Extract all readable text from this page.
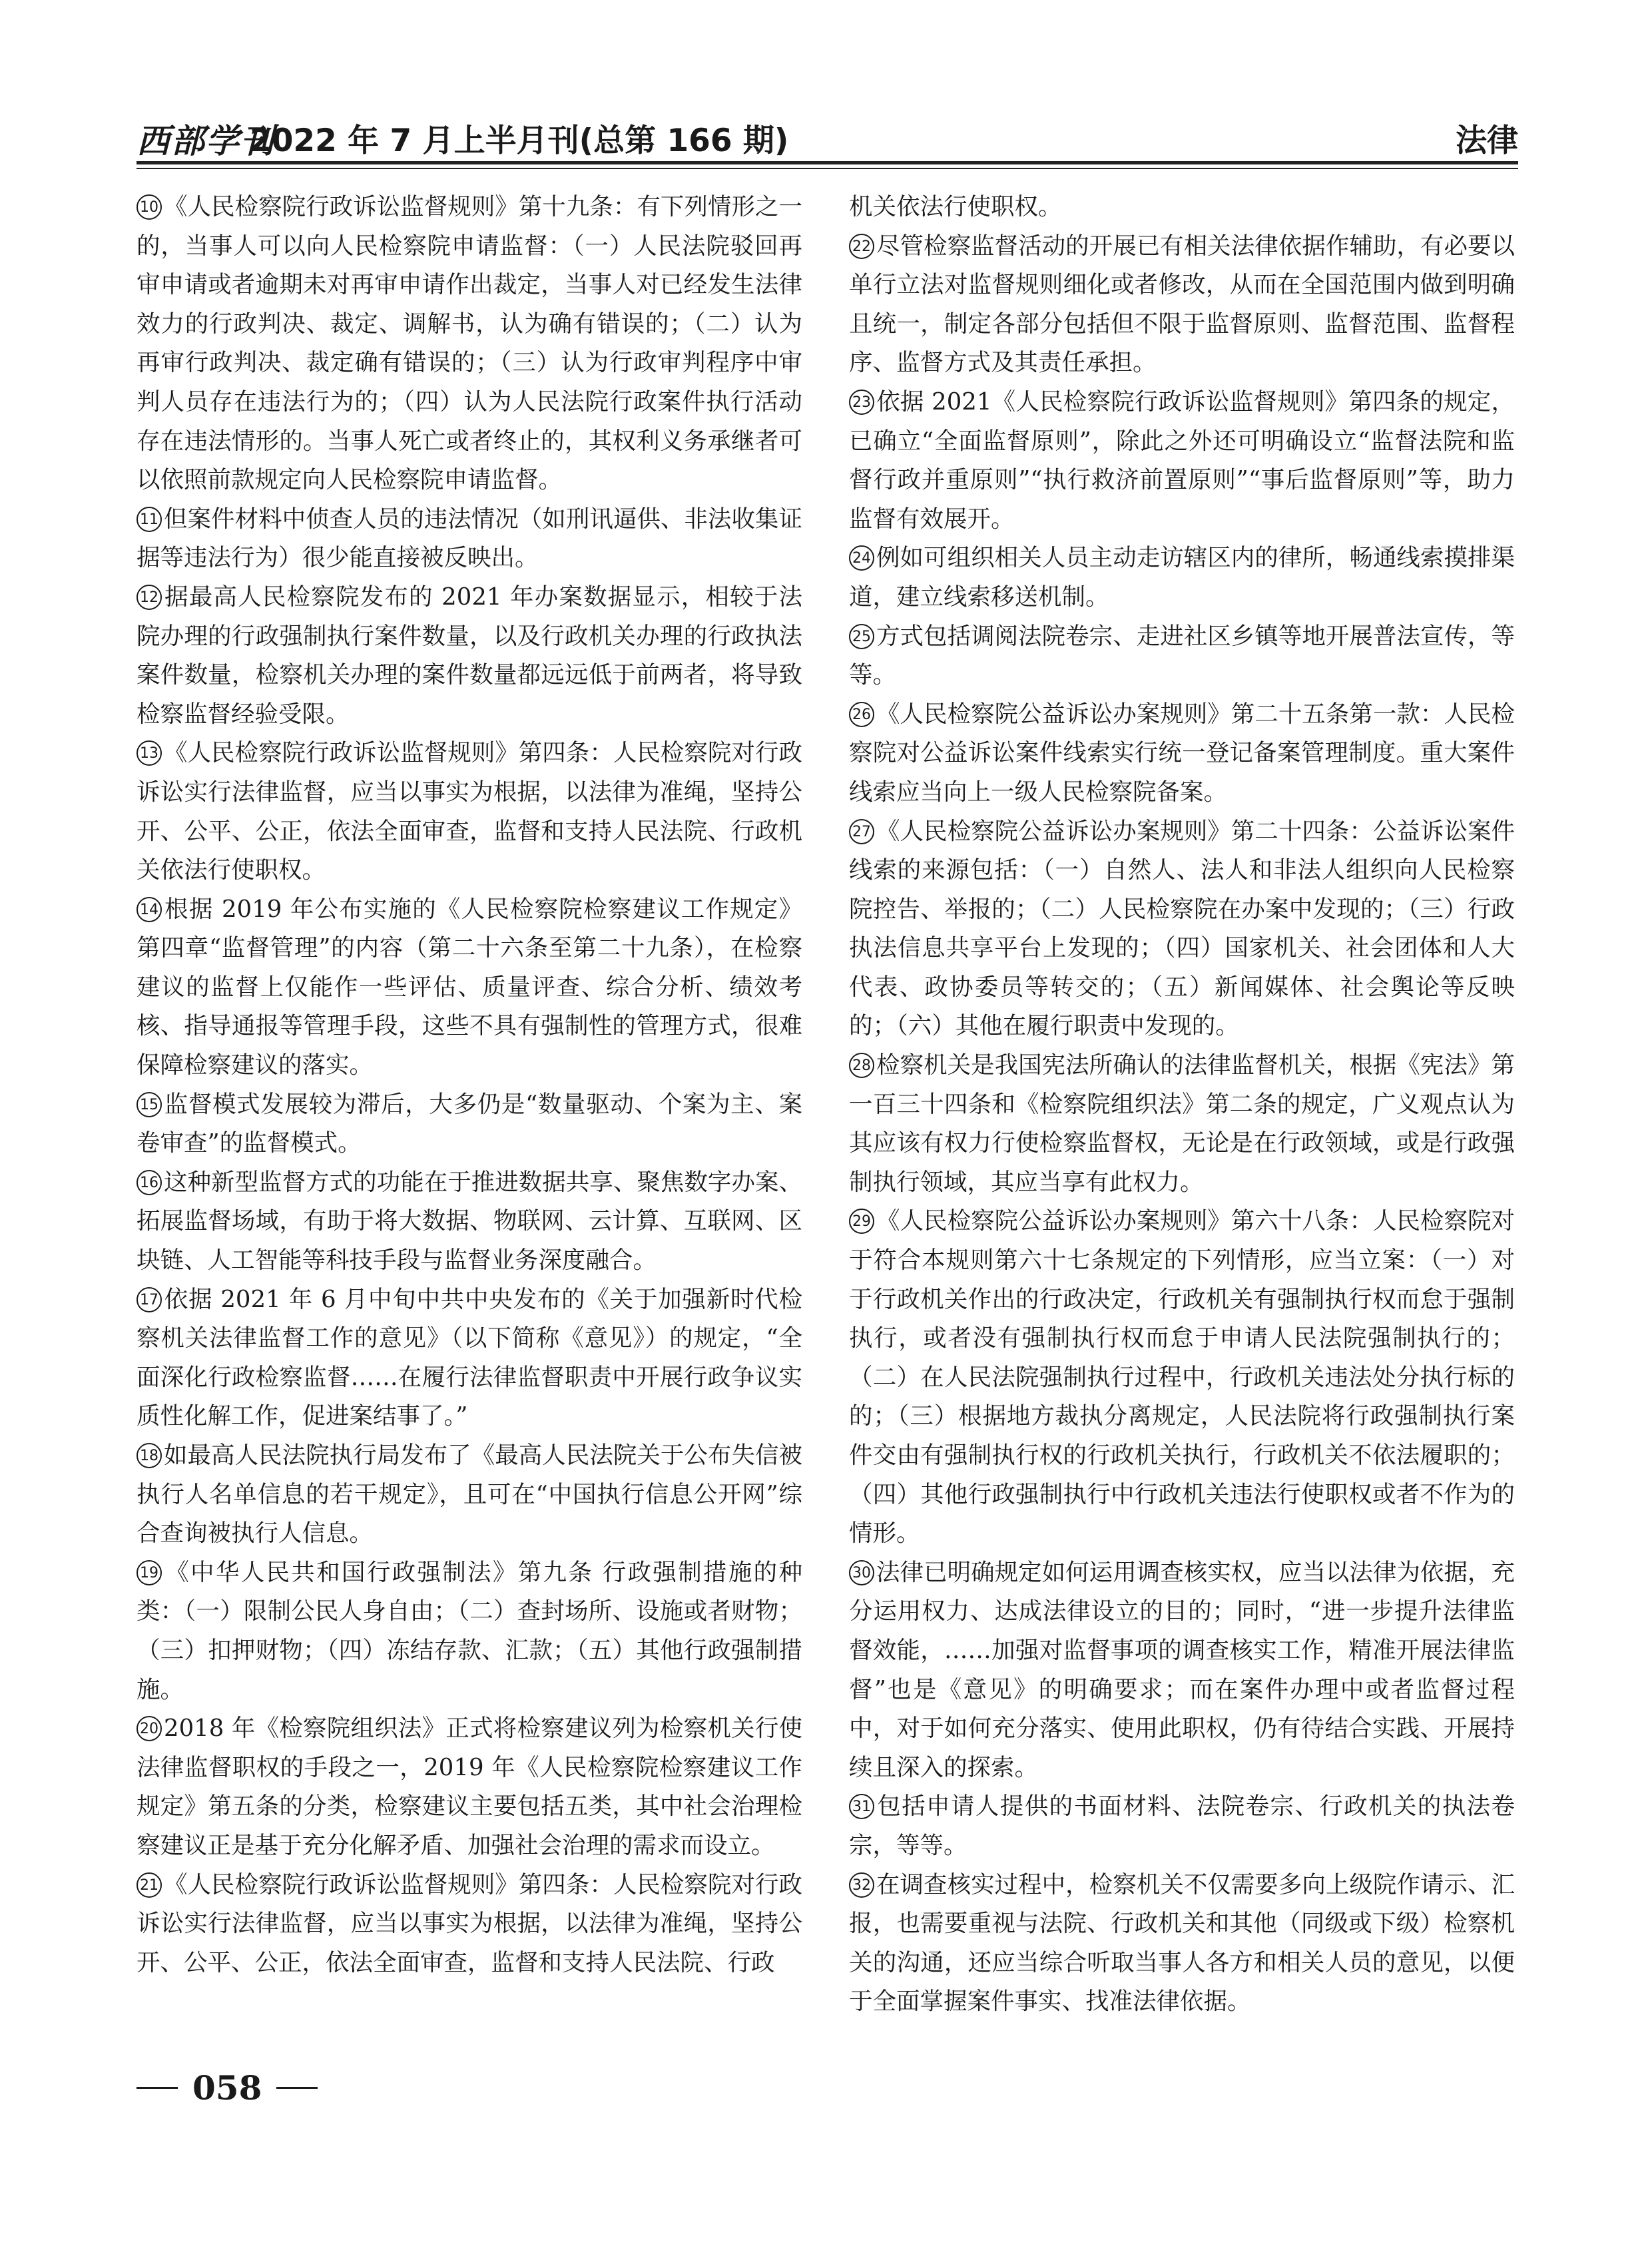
西部学刊
2022 年 7 月上半月刊(总第 166 期)	法律

10 《人民检察院行政诉讼监督规则》第十九条：有下列情形之一的，当事人可以向人民检察院申请监督：（一）人民法院驳回再审申请或者逾期未对再审申请作出裁定，当事人对已经发生法律效力的行政判决、裁定、调解书，认为确有错误的；（二）认为再审行政判决、裁定确有错误的；（三）认为行政审判程序中审判人员存在违法行为的；（四）认为人民法院行政案件执行活动存在违法情形的。当事人死亡或者终止的，其权利义务承继者可以依照前款规定向人民检察院申请监督。

11 但案件材料中侦查人员的违法情况（如刑讯逼供、非法收集证据等违法行为）很少能直接被反映出。

12 据最高人民检察院发布的 2021 年办案数据显示，相较于法院办理的行政强制执行案件数量，以及行政机关办理的行政执法案件数量，检察机关办理的案件数量都远远低于前两者，将导致检察监督经验受限。

13 《人民检察院行政诉讼监督规则》第四条：人民检察院对行政诉讼实行法律监督，应当以事实为根据，以法律为准绳，坚持公开、公平、公正，依法全面审查，监督和支持人民法院、行政机关依法行使职权。

14 根据 2019 年公布实施的《人民检察院检察建议工作规定》第四章“监督管理”的内容（第二十六条至第二十九条），在检察建议的监督上仅能作一些评估、质量评查、综合分析、绩效考核、指导通报等管理手段，这些不具有强制性的管理方式，很难保障检察建议的落实。

15 监督模式发展较为滞后，大多仍是“数量驱动、个案为主、案卷审查”的监督模式。

16 这种新型监督方式的功能在于推进数据共享、聚焦数字办案、拓展监督场域，有助于将大数据、物联网、云计算、互联网、区块链、人工智能等科技手段与监督业务深度融合。

17 依据 2021 年 6 月中旬中共中央发布的《关于加强新时代检察机关法律监督工作的意见》（以下简称《意见》）的规定，“全面深化行政检察监督……在履行法律监督职责中开展行政争议实质性化解工作，促进案结事了。”

18 如最高人民法院执行局发布了《最高人民法院关于公布失信被执行人名单信息的若干规定》，且可在“中国执行信息公开网”综合查询被执行人信息。

19 《中华人民共和国行政强制法》第九条 行政强制措施的种类：（一）限制公民人身自由；（二）查封场所、设施或者财物；（三）扣押财物；（四）冻结存款、汇款；（五）其他行政强制措施。

20 2018 年《检察院组织法》正式将检察建议列为检察机关行使法律监督职权的手段之一，2019 年《人民检察院检察建议工作规定》第五条的分类，检察建议主要包括五类，其中社会治理检察建议正是基于充分化解矛盾、加强社会治理的需求而设立。

21 《人民检察院行政诉讼监督规则》第四条：人民检察院对行政诉讼实行法律监督，应当以事实为根据，以法律为准绳，坚持公开、公平、公正，依法全面审查，监督和支持人民法院、行政

机关依法行使职权。

22 尽管检察监督活动的开展已有相关法律依据作辅助，有必要以单行立法对监督规则细化或者修改，从而在全国范围内做到明确且统一，制定各部分包括但不限于监督原则、监督范围、监督程序、监督方式及其责任承担。

23 依据 2021《人民检察院行政诉讼监督规则》第四条的规定，已确立“全面监督原则”，除此之外还可明确设立“监督法院和监督行政并重原则”“执行救济前置原则”“事后监督原则”等，助力监督有效展开。

24 例如可组织相关人员主动走访辖区内的律所，畅通线索摸排渠道，建立线索移送机制。

25 方式包括调阅法院卷宗、走进社区乡镇等地开展普法宣传，等等。

26 《人民检察院公益诉讼办案规则》第二十五条第一款：人民检察院对公益诉讼案件线索实行统一登记备案管理制度。重大案件线索应当向上一级人民检察院备案。

27 《人民检察院公益诉讼办案规则》第二十四条：公益诉讼案件线索的来源包括：（一）自然人、法人和非法人组织向人民检察院控告、举报的；（二）人民检察院在办案中发现的；（三）行政执法信息共享平台上发现的；（四）国家机关、社会团体和人大代表、政协委员等转交的；（五）新闻媒体、社会舆论等反映的；（六）其他在履行职责中发现的。

28 检察机关是我国宪法所确认的法律监督机关，根据《宪法》第一百三十四条和《检察院组织法》第二条的规定，广义观点认为其应该有权力行使检察监督权，无论是在行政领域，或是行政强制执行领域，其应当享有此权力。

29 《人民检察院公益诉讼办案规则》第六十八条：人民检察院对于符合本规则第六十七条规定的下列情形，应当立案：（一）对于行政机关作出的行政决定，行政机关有强制执行权而怠于强制执行，或者没有强制执行权而怠于申请人民法院强制执行的；（二）在人民法院强制执行过程中，行政机关违法处分执行标的的；（三）根据地方裁执分离规定，人民法院将行政强制执行案件交由有强制执行权的行政机关执行，行政机关不依法履职的；（四）其他行政强制执行中行政机关违法行使职权或者不作为的情形。

30 法律已明确规定如何运用调查核实权，应当以法律为依据，充分运用权力、达成法律设立的目的；同时，“进一步提升法律监督效能，……加强对监督事项的调查核实工作，精准开展法律监督”也是《意见》的明确要求；而在案件办理中或者监督过程中，对于如何充分落实、使用此职权，仍有待结合实践、开展持续且深入的探索。

31 包括申请人提供的书面材料、法院卷宗、行政机关的执法卷宗，等等。

32 在调查核实过程中，检察机关不仅需要多向上级院作请示、汇报，也需要重视与法院、行政机关和其他（同级或下级）检察机关的沟通，还应当综合听取当事人各方和相关人员的意见，以便于全面掌握案件事实、找准法律依据。

058
